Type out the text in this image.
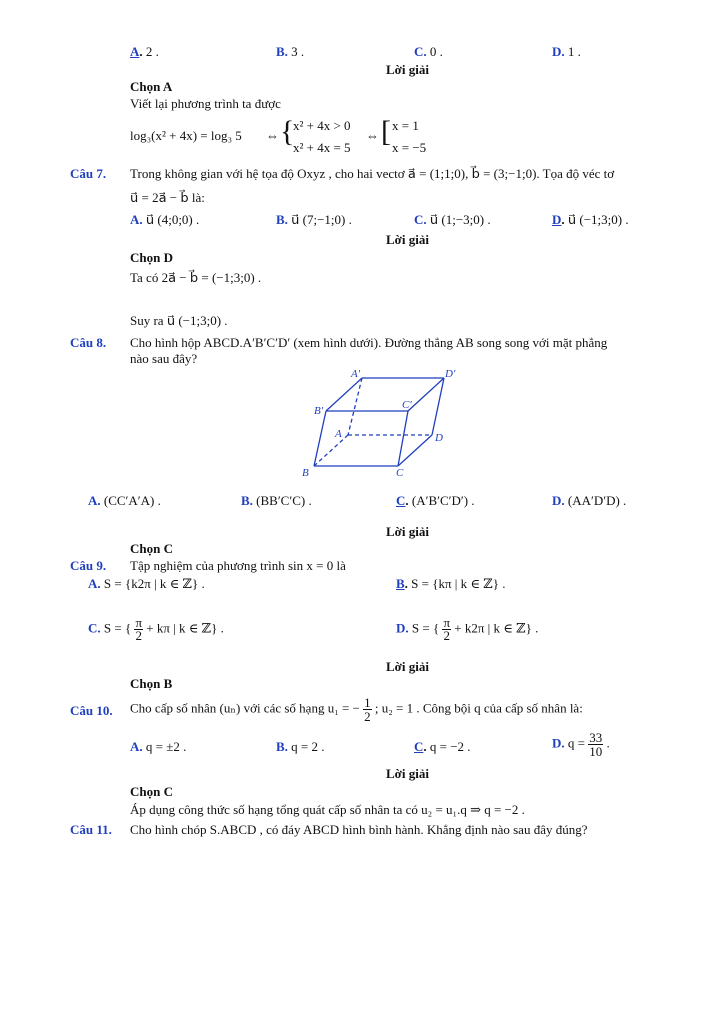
A. 2 .	B. 3 .	C. 0 .	D. 1 .
Lời giải
Chọn A
Viết lại phương trình ta được
log₃(x² + 4x) = log₃ 5 ⇔ {
x² + 4x > 0
x² + 4x = 5
⇔ [ x = 1
x = −5
Câu 7. Trong không gian với hệ tọa độ Oxyz , cho hai vectơ a⃗ = (1;1;0), b⃗ = (3;−1;0). Tọa độ véc tơ
u⃗ = 2a⃗ − b⃗ là:
A. u⃗ (4;0;0) .	B. u⃗ (7;−1;0) .	C. u⃗ (1;−3;0) .	D. u⃗ (−1;3;0) .
Lời giải
Chọn D
Ta có 2a⃗ − b⃗ = (−1;3;0) .
Suy ra u⃗ (−1;3;0) .
Câu 8. Cho hình hộp ABCD.A′B′C′D′ (xem hình dưới). Đường thẳng AB song song với mặt phẳng
nào sau đây?
A′	D′
B′	C′
A	D
B	C
A. (CC′A′A) .	B. (BB′C′C) .	C. (A′B′C′D′) .	D. (AA′D′D) .
Lời giải
Chọn C
Câu 9. Tập nghiệm của phương trình sin x = 0 là
A. S = {k2π | k ∈ ℤ} .	B. S = {kπ | k ∈ ℤ} .
C. S = { $\frac{\pi}{2} + k\pi$ | k ∈ ℤ} .	D. S = { $\frac{\pi}{2} + k2\pi$ | k ∈ ℤ} .
Lời giải
Chọn B
Câu 10. Cho cấp số nhân (uₙ) với các số hạng u₁ = − $\frac{1}{2}$ ; u₂ = 1 . Công bội q của cấp số nhân là:
A. q = ±2 .	B. q = 2 .	C. q = −2 .	D. $q = \frac{33}{10}$ .
Lời giải
Chọn C
Áp dụng công thức số hạng tổng quát cấp số nhân ta có u₂ = u₁.q ⇒ q = −2 .
Câu 11. Cho hình chóp S.ABCD , có đáy ABCD hình bình hành. Khẳng định nào sau đây đúng?
